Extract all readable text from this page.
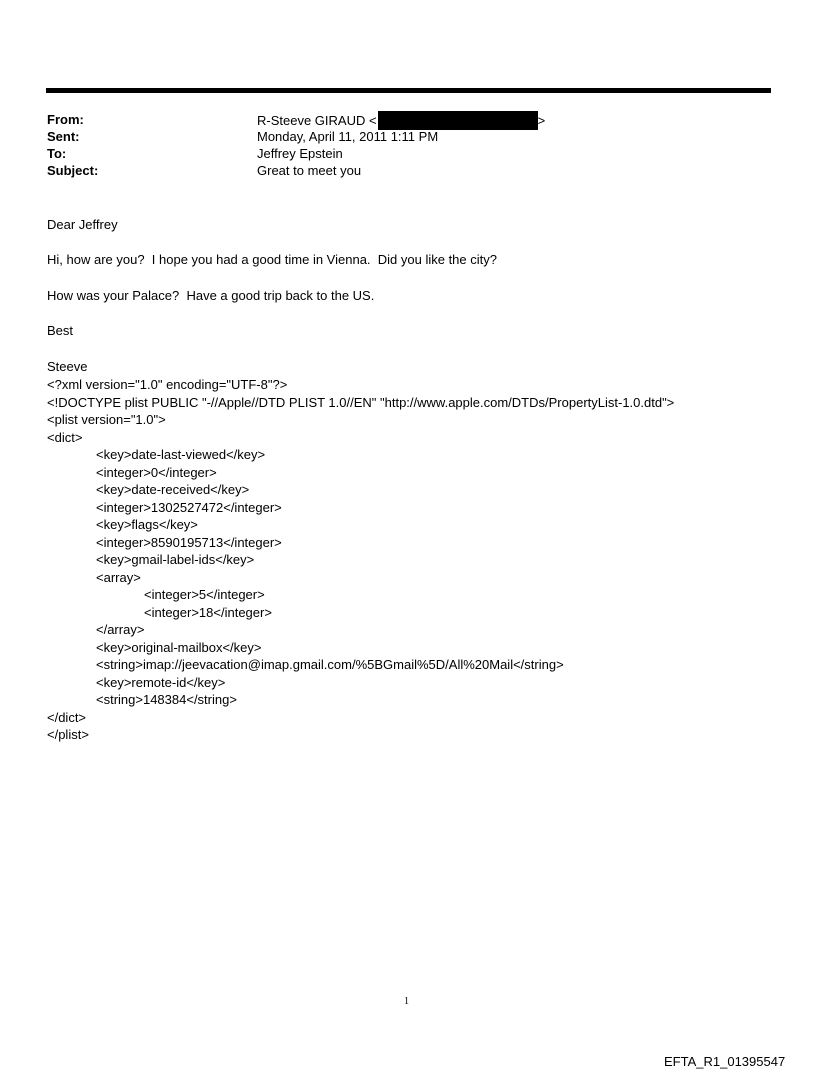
From:	R-Steeve GIRAUD <	>
Sent:	Monday, April 11, 2011 1:11 PM
To:	Jeffrey Epstein
Subject:	Great to meet you
Dear Jeffrey
Hi, how are you?  I hope you had a good time in Vienna.  Did you like the city?
How was your Palace?  Have a good trip back to the US.
Best
Steeve
<?xml version="1.0" encoding="UTF-8"?>
<!DOCTYPE plist PUBLIC "-//Apple//DTD PLIST 1.0//EN" "http://www.apple.com/DTDs/PropertyList-1.0.dtd">
<plist version="1.0">
<dict>
<key>date-last-viewed</key>
<integer>0</integer>
<key>date-received</key>
<integer>1302527472</integer>
<key>flags</key>
<integer>8590195713</integer>
<key>gmail-label-ids</key>
<array>
<integer>5</integer>
<integer>18</integer>
</array>
<key>original-mailbox</key>
<string>imap://jeevacation@imap.gmail.com/%5BGmail%5D/All%20Mail</string>
<key>remote-id</key>
<string>148384</string>
</dict>
</plist>
1
EFTA_R1_01395547
